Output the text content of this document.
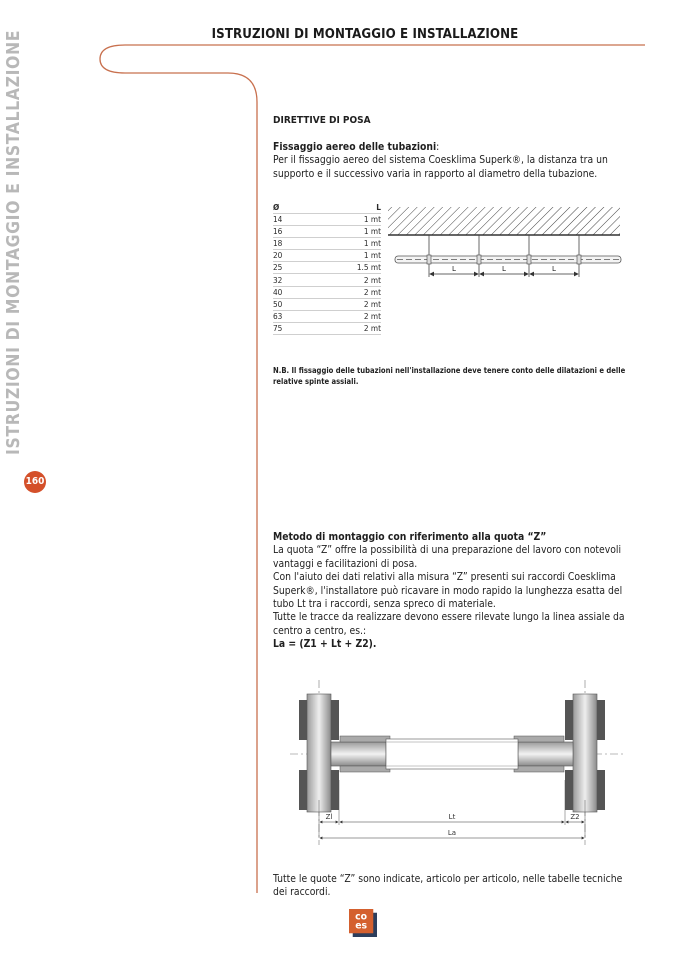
ISTRUZIONI DI MONTAGGIO E INSTALLAZIONE
ISTRUZIONI DI MONTAGGIO E INSTALLAZIONE
160
DIRETTIVE DI POSA
Fissaggio aereo delle tubazioni:
Per il fissaggio aereo del sistema Coesklima Superk®, la distanza tra un supporto e il successivo varia in rapporto al diametro della tubazione.
Ø	L
14	1 mt
16	1 mt
18	1 mt
20	1 mt
25	1.5 mt
32	2 mt
40	2 mt
50	2 mt
63	2 mt
75	2 mt
L	L	L
N.B. Il fissaggio delle tubazioni nell'installazione deve tenere conto delle dilatazioni e delle relative spinte assiali.
Metodo di montaggio con riferimento alla quota “Z”
La quota “Z” offre la possibilità di una preparazione del lavoro con notevoli vantaggi e facilitazioni di posa.
Con l'aiuto dei dati relativi alla misura “Z” presenti sui raccordi Coesklima Superk®, l'installatore può ricavare in modo rapido la lunghezza esatta del tubo Lt tra i raccordi, senza spreco di materiale.
Tutte le tracce da realizzare devono essere rilevate lungo la linea assiale da centro a centro, es.:
La = (Z1 + Lt + Z2).
Zl	Lt	Z2
La
Tutte le quote “Z” sono indicate, articolo per articolo, nelle tabelle tecniche dei raccordi.
co
es
